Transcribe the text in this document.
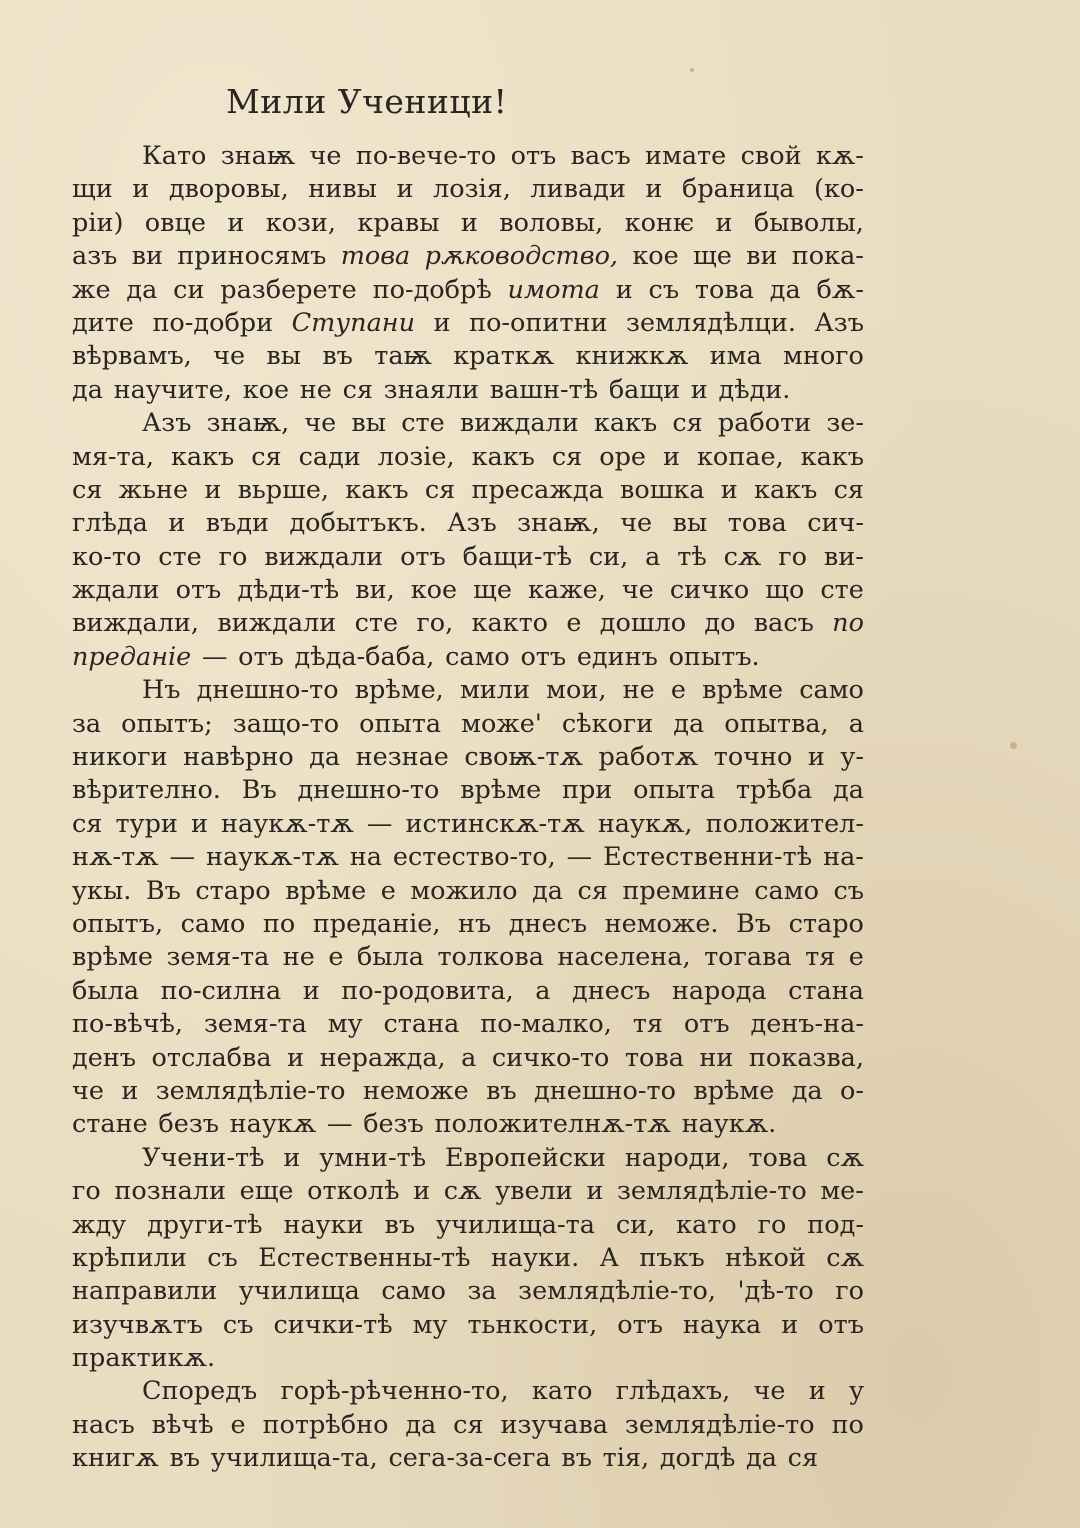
Мили Ученици!
Като знаѭ че по-вече-то отъ васъ имате свой кѫ-
щи и дворовы, нивы и лозія, ливади и браница (ко-
ріи) овце и кози, кравы и воловы, конѥ и быволы,
азъ ви приносямъ това рѫководство, кое ще ви пока-
же да си разберете по-добрѣ имота и съ това да бѫ-
дите по-добри Ступани и по-опитни землядѣлци. Азъ
вѣрвамъ, че вы въ таѭ краткѫ книжкѫ има много
да научите, кое не ся знаяли вашн-тѣ бащи и дѣди.
Азъ знаѭ, че вы сте виждали какъ ся работи зе-
мя-та, какъ ся сади лозіе, какъ ся оре и копае, какъ
ся жьне и вьрше, какъ ся пресажда вошка и какъ ся
глѣда и въди добытъкъ. Азъ знаѭ, че вы това сич-
ко-то сте го виждали отъ бащи-тѣ си, а тѣ сѫ го ви-
ждали отъ дѣди-тѣ ви, кое ще каже, че сичко що сте
виждали, виждали сте го, както е дошло до васъ по
преданіе — отъ дѣда-баба, само отъ единъ опытъ.
Нъ днешно-то врѣме, мили мои, не е врѣме само
за опытъ; защо-то опыта може' сѣкоги да опытва, а
никоги навѣрно да незнае своѭ-тѫ работѫ точно и у-
вѣрително. Въ днешно-то врѣме при опыта трѣба да
ся тури и наукѫ-тѫ — истинскѫ-тѫ наукѫ, положител-
нѫ-тѫ — наукѫ-тѫ на естество-то, — Естественни-тѣ на-
укы. Въ старо врѣме е можило да ся премине само съ
опытъ, само по преданіе, нъ днесъ неможе. Въ старо
врѣме земя-та не е была толкова населена, тогава тя е
была по-силна и по-родовита, а днесъ народа стана
по-вѣчѣ, земя-та му стана по-малко, тя отъ денъ-на-
денъ отслабва и нераждa, а сичко-то това ни показва,
че и землядѣліе-то неможе въ днешно-то врѣме да о-
стане безъ наукѫ — безъ положителнѫ-тѫ наукѫ.
Учени-тѣ и умни-тѣ Европейски народи, това сѫ
го познали еще отколѣ и сѫ увели и землядѣліе-то ме-
жду други-тѣ науки въ училища-та си, като го под-
крѣпили съ Естественны-тѣ науки. А пъкъ нѣкой сѫ
направили училища само за землядѣліе-то, 'дѣ-то го
изучвѫтъ съ сички-тѣ му тьнкости, отъ наука и отъ
практикѫ.
Споредъ горѣ-рѣченно-то, като глѣдахъ, че и у
насъ вѣчѣ е потрѣбно да ся изучава землядѣліе-то по
книгѫ въ училища-та, сега-за-сега въ тія, догдѣ да ся
